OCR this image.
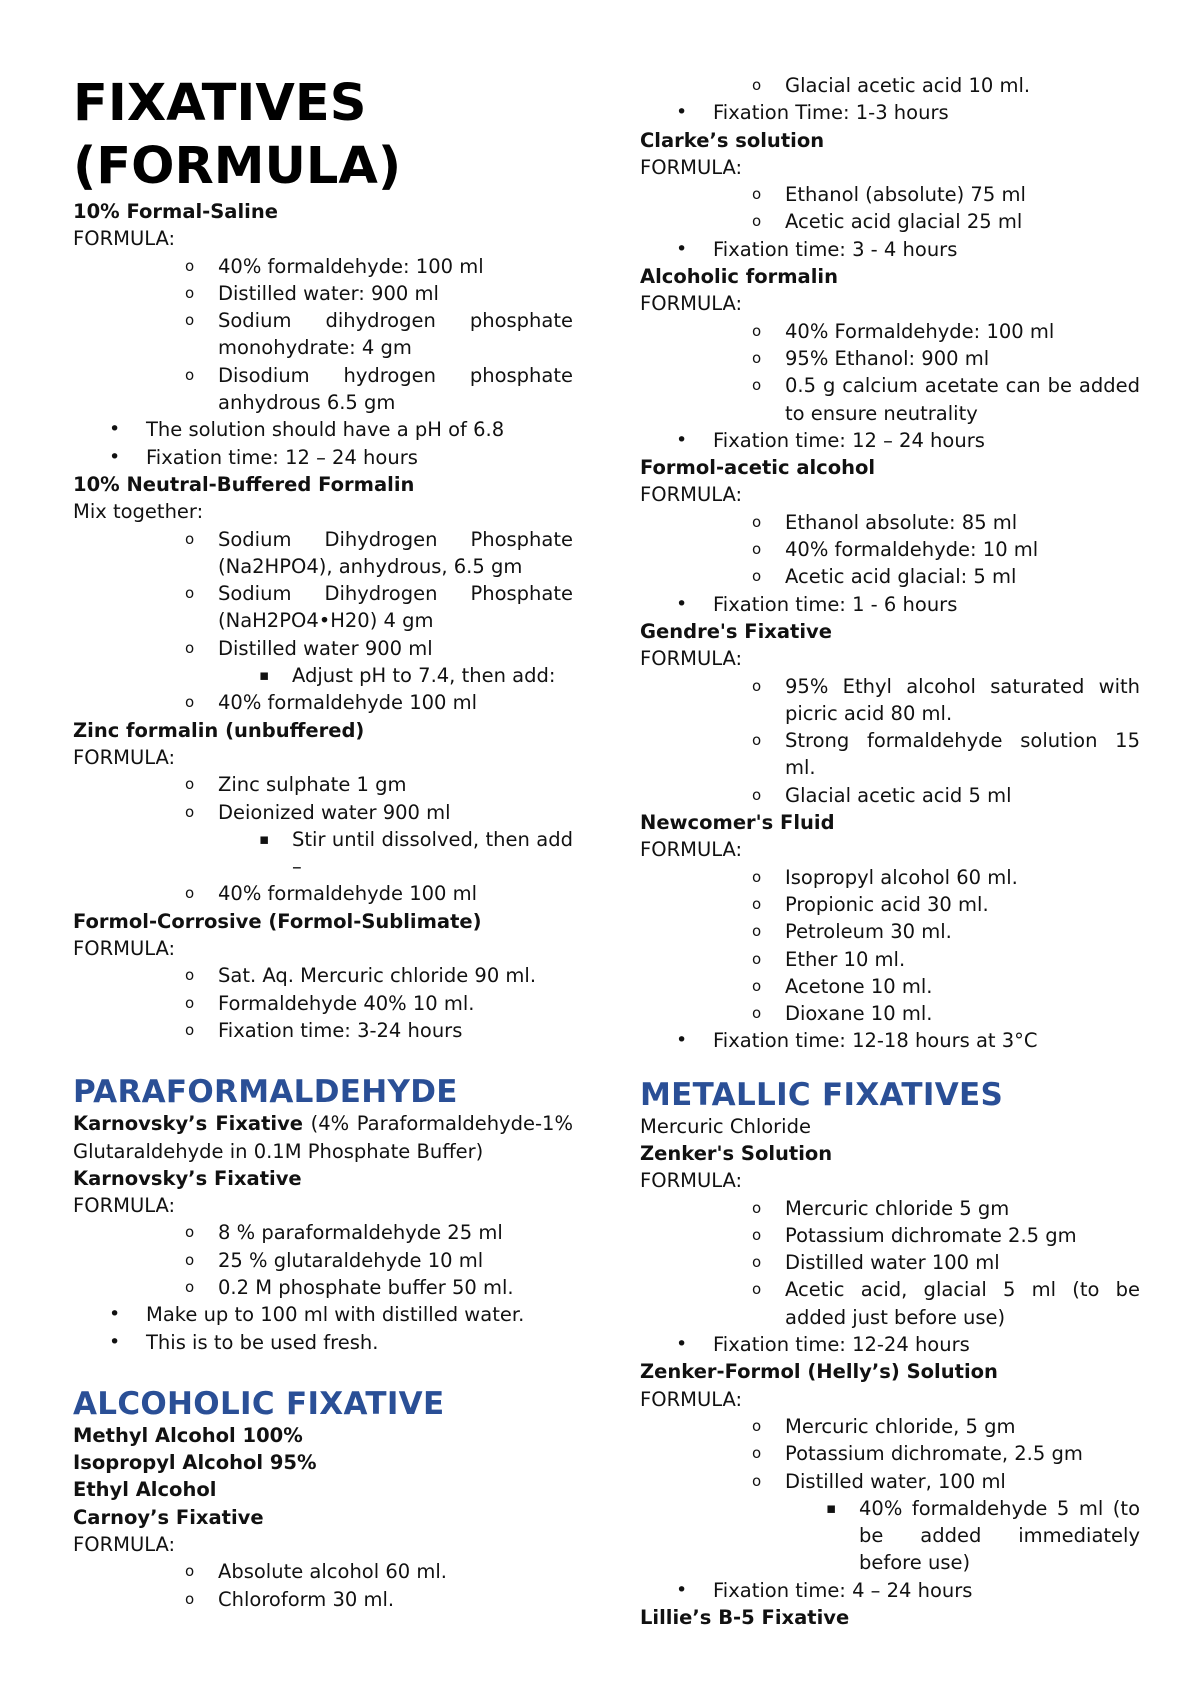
FIXATIVES (FORMULA)

10% Formal-Saline

FORMULA:

o 40% formaldehyde: 100 ml
o Distilled water: 900 ml
o Sodium dihydrogen phosphate monohydrate: 4 gm
o Disodium hydrogen phosphate anhydrous 6.5 gm
• The solution should have a pH of 6.8
• Fixation time: 12 – 24 hours

10% Neutral-Buffered Formalin

Mix together:

o Sodium Dihydrogen Phosphate (Na2HPO4), anhydrous, 6.5 gm
o Sodium Dihydrogen Phosphate (NaH2PO4•H20) 4 gm
o Distilled water 900 ml
▪ Adjust pH to 7.4, then add:
o 40% formaldehyde 100 ml

Zinc formalin (unbuffered)

FORMULA:

o Zinc sulphate 1 gm
o Deionized water 900 ml
▪ Stir until dissolved, then add –
o 40% formaldehyde 100 ml

Formol-Corrosive (Formol-Sublimate)

FORMULA:

o Sat. Aq. Mercuric chloride 90 ml.
o Formaldehyde 40% 10 ml.
o Fixation time: 3-24 hours
PARAFORMALDEHYDE

Karnovsky’s Fixative (4% Paraformaldehyde-1% Glutaraldehyde in 0.1M Phosphate Buffer)

Karnovsky’s Fixative

FORMULA:

o 8 % paraformaldehyde 25 ml
o 25 % glutaraldehyde 10 ml
o 0.2 M phosphate buffer 50 ml.
• Make up to 100 ml with distilled water.
• This is to be used fresh.
ALCOHOLIC FIXATIVE

Methyl Alcohol 100%

Isopropyl Alcohol 95%

Ethyl Alcohol

Carnoy’s Fixative

FORMULA:

o Absolute alcohol 60 ml.
o Chloroform 30 ml.
o Glacial acetic acid 10 ml.
• Fixation Time: 1-3 hours

Clarke’s solution

FORMULA:

o Ethanol (absolute) 75 ml
o Acetic acid glacial 25 ml
• Fixation time: 3 - 4 hours

Alcoholic formalin

FORMULA:

o 40% Formaldehyde: 100 ml
o 95% Ethanol: 900 ml
o 0.5 g calcium acetate can be added to ensure neutrality
• Fixation time: 12 – 24 hours

Formol-acetic alcohol

FORMULA:

o Ethanol absolute: 85 ml
o 40% formaldehyde: 10 ml
o Acetic acid glacial: 5 ml
• Fixation time: 1 - 6 hours

Gendre's Fixative

FORMULA:

o 95% Ethyl alcohol saturated with picric acid 80 ml.
o Strong formaldehyde solution 15 ml.
o Glacial acetic acid 5 ml

Newcomer's Fluid

FORMULA:

o Isopropyl alcohol 60 ml.
o Propionic acid 30 ml.
o Petroleum 30 ml.
o Ether 10 ml.
o Acetone 10 ml.
o Dioxane 10 ml.
• Fixation time: 12-18 hours at 3°C
METALLIC FIXATIVES

Mercuric Chloride

Zenker's Solution

FORMULA:

o Mercuric chloride 5 gm
o Potassium dichromate 2.5 gm
o Distilled water 100 ml
o Acetic acid, glacial 5 ml (to be added just before use)
• Fixation time: 12-24 hours

Zenker-Formol (Helly’s) Solution

FORMULA:

o Mercuric chloride, 5 gm
o Potassium dichromate, 2.5 gm
o Distilled water, 100 ml
▪ 40% formaldehyde 5 ml (to be added immediately before use)
• Fixation time: 4 – 24 hours

Lillie’s B-5 Fixative
